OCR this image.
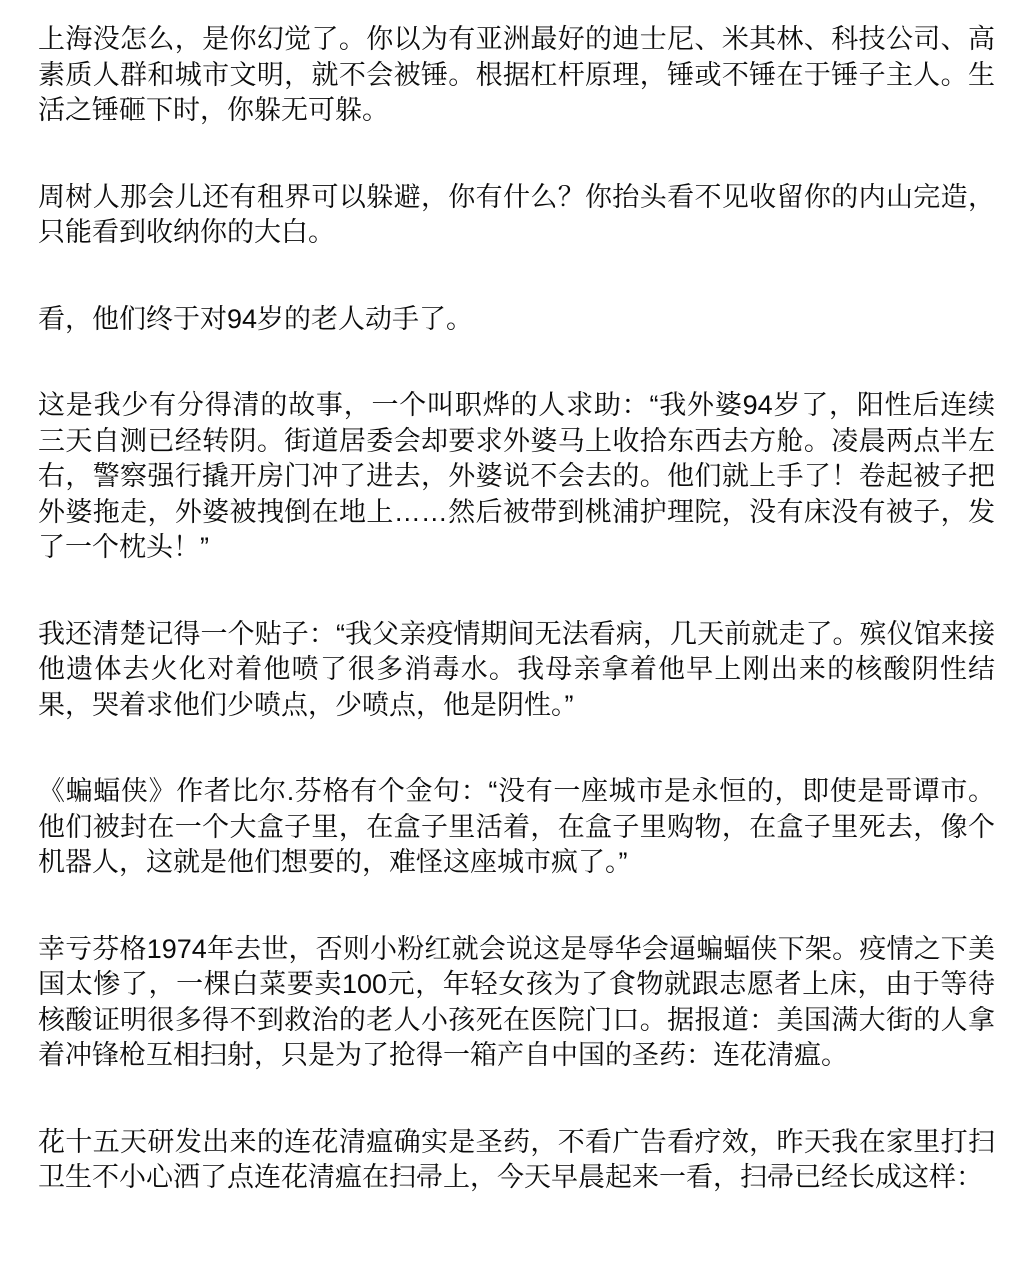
上海没怎么，是你幻觉了。你以为有亚洲最好的迪士尼、米其林、科技公司、高素质人群和城市文明，就不会被锤。根据杠杆原理，锤或不锤在于锤子主人。生活之锤砸下时，你躲无可躲。

周树人那会儿还有租界可以躲避，你有什么？你抬头看不见收留你的内山完造，只能看到收纳你的大白。

看，他们终于对94岁的老人动手了。

这是我少有分得清的故事，一个叫职烨的人求助：“我外婆94岁了，阳性后连续三天自测已经转阴。街道居委会却要求外婆马上收拾东西去方舱。凌晨两点半左右，警察强行撬开房门冲了进去，外婆说不会去的。他们就上手了！卷起被子把外婆拖走，外婆被拽倒在地上……然后被带到桃浦护理院，没有床没有被子，发了一个枕头！”

我还清楚记得一个贴子：“我父亲疫情期间无法看病，几天前就走了。殡仪馆来接他遗体去火化对着他喷了很多消毒水。我母亲拿着他早上刚出来的核酸阴性结果，哭着求他们少喷点，少喷点，他是阴性。”

《蝙蝠侠》作者比尔.芬格有个金句：“没有一座城市是永恒的，即使是哥谭市。他们被封在一个大盒子里，在盒子里活着，在盒子里购物，在盒子里死去，像个机器人，这就是他们想要的，难怪这座城市疯了。”

幸亏芬格1974年去世，否则小粉红就会说这是辱华会逼蝙蝠侠下架。疫情之下美国太惨了，一棵白菜要卖100元，年轻女孩为了食物就跟志愿者上床，由于等待核酸证明很多得不到救治的老人小孩死在医院门口。据报道：美国满大街的人拿着冲锋枪互相扫射，只是为了抢得一箱产自中国的圣药：连花清瘟。

花十五天研发出来的连花清瘟确实是圣药，不看广告看疗效，昨天我在家里打扫卫生不小心洒了点连花清瘟在扫帚上，今天早晨起来一看，扫帚已经长成这样：
